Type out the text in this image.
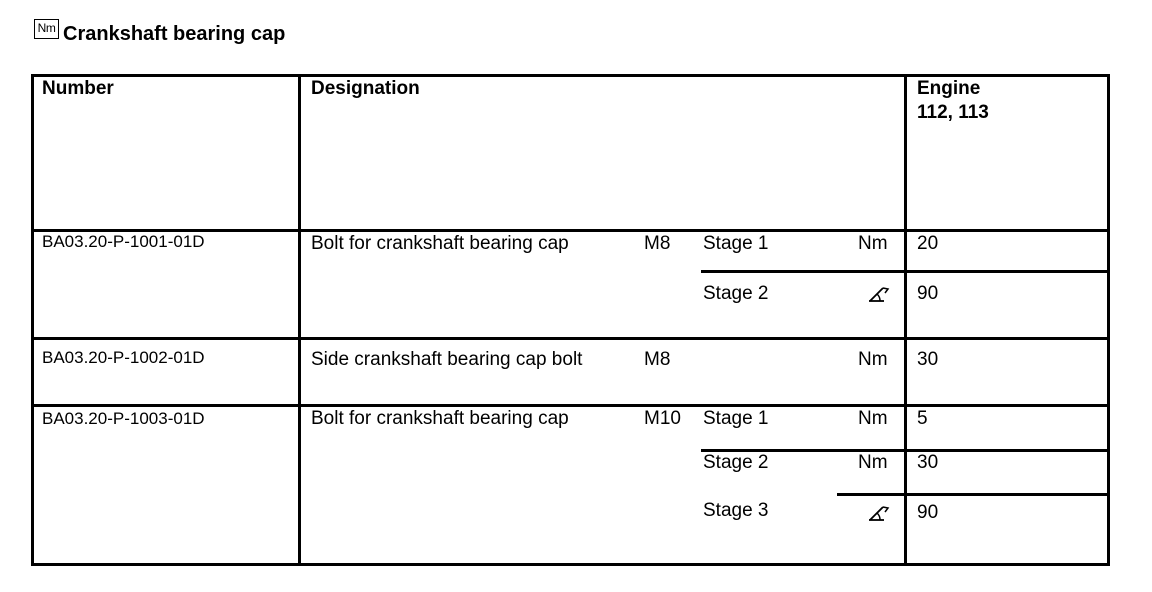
Nm Crankshaft bearing cap
Number	Designation	Engine
112, 113
BA03.20-P-1001-01D	Bolt for crankshaft bearing cap	M8 Stage 1	Nm 20
Stage 2	90
BA03.20-P-1002-01D	Side crankshaft bearing cap bolt	M8	Nm 30
BA03.20-P-1003-01D	Bolt for crankshaft bearing cap	M10 Stage 1	Nm 5
Stage 2	Nm 30
Stage 3	90
